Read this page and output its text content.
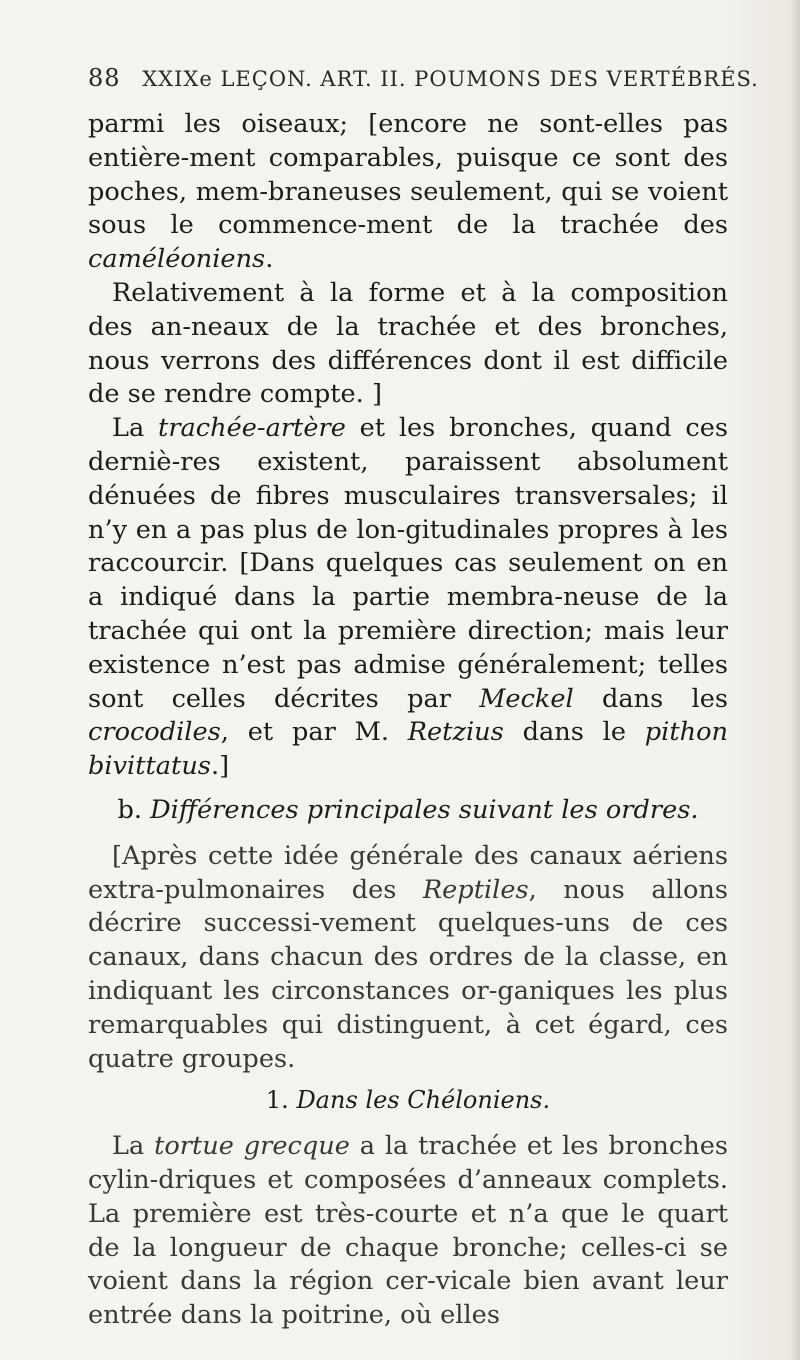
88 XXIXe LEÇON. ART. II. POUMONS DES VERTÉBRÉS.

parmi les oiseaux; [encore ne sont-elles pas entière-ment comparables, puisque ce sont des poches, mem-braneuses seulement, qui se voient sous le commence-ment de la trachée des caméléoniens.

Relativement à la forme et à la composition des an-neaux de la trachée et des bronches, nous verrons des différences dont il est difficile de se rendre compte. ]

La trachée-artère et les bronches, quand ces derniè-res existent, paraissent absolument dénuées de fibres musculaires transversales; il n’y en a pas plus de lon-gitudinales propres à les raccourcir. [Dans quelques cas seulement on en a indiqué dans la partie membra-neuse de la trachée qui ont la première direction; mais leur existence n’est pas admise généralement; telles sont celles décrites par Meckel dans les crocodiles, et par M. Retzius dans le pithon bivittatus.]

b. Différences principales suivant les ordres.

[Après cette idée générale des canaux aériens extra-pulmonaires des Reptiles, nous allons décrire successi-vement quelques-uns de ces canaux, dans chacun des ordres de la classe, en indiquant les circonstances or-ganiques les plus remarquables qui distinguent, à cet égard, ces quatre groupes.

1. Dans les Chéloniens.

La tortue grecque a la trachée et les bronches cylin-driques et composées d’anneaux complets. La première est très-courte et n’a que le quart de la longueur de chaque bronche; celles-ci se voient dans la région cer-vicale bien avant leur entrée dans la poitrine, où elles
